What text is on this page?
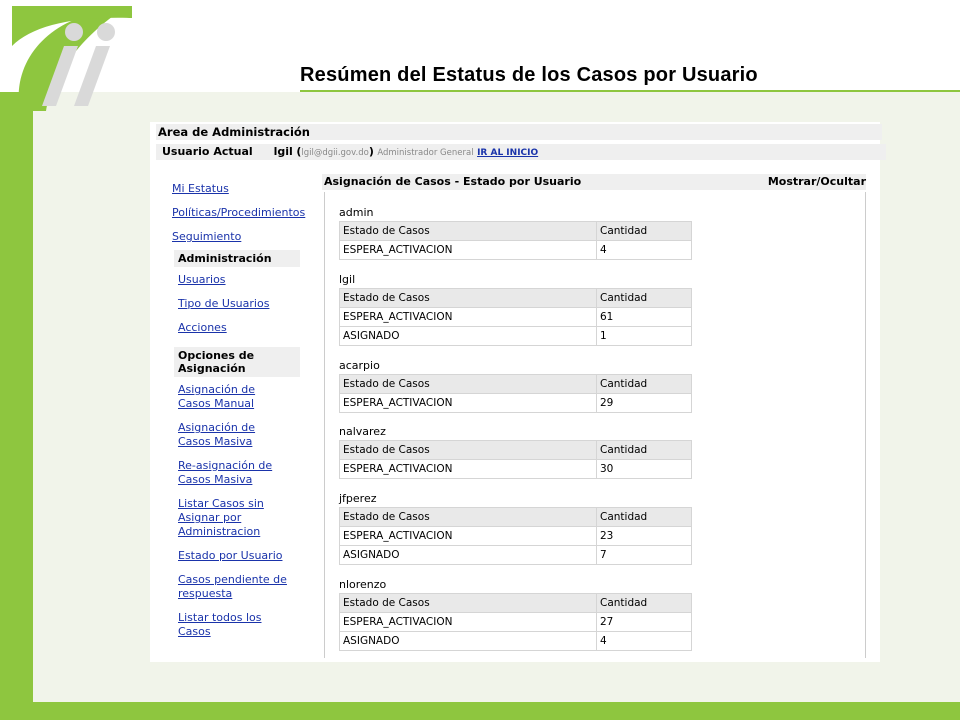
Resúmen del Estatus de los Casos por Usuario
Area de Administración
Usuario Actual lgil (lgil@dgii.gov.do) Administrador General IR AL INICIO
Mi Estatus
Políticas/Procedimientos
Seguimiento
Administración
Usuarios
Tipo de Usuarios
Acciones
Opciones de Asignación
Asignación de Casos Manual
Asignación de Casos Masiva
Re-asignación de Casos Masiva
Listar Casos sin Asignar por Administracion
Estado por Usuario
Casos pendiente de respuesta
Listar todos los Casos
Asignación de Casos - Estado por Usuario	Mostrar/Ocultar
admin
Estado de Casos	Cantidad
ESPERA_ACTIVACION	4
lgil
Estado de Casos	Cantidad
ESPERA_ACTIVACION	61
ASIGNADO	1
acarpio
Estado de Casos	Cantidad
ESPERA_ACTIVACION	29
nalvarez
Estado de Casos	Cantidad
ESPERA_ACTIVACION	30
jfperez
Estado de Casos	Cantidad
ESPERA_ACTIVACION	23
ASIGNADO	7
nlorenzo
Estado de Casos	Cantidad
ESPERA_ACTIVACION	27
ASIGNADO	4
